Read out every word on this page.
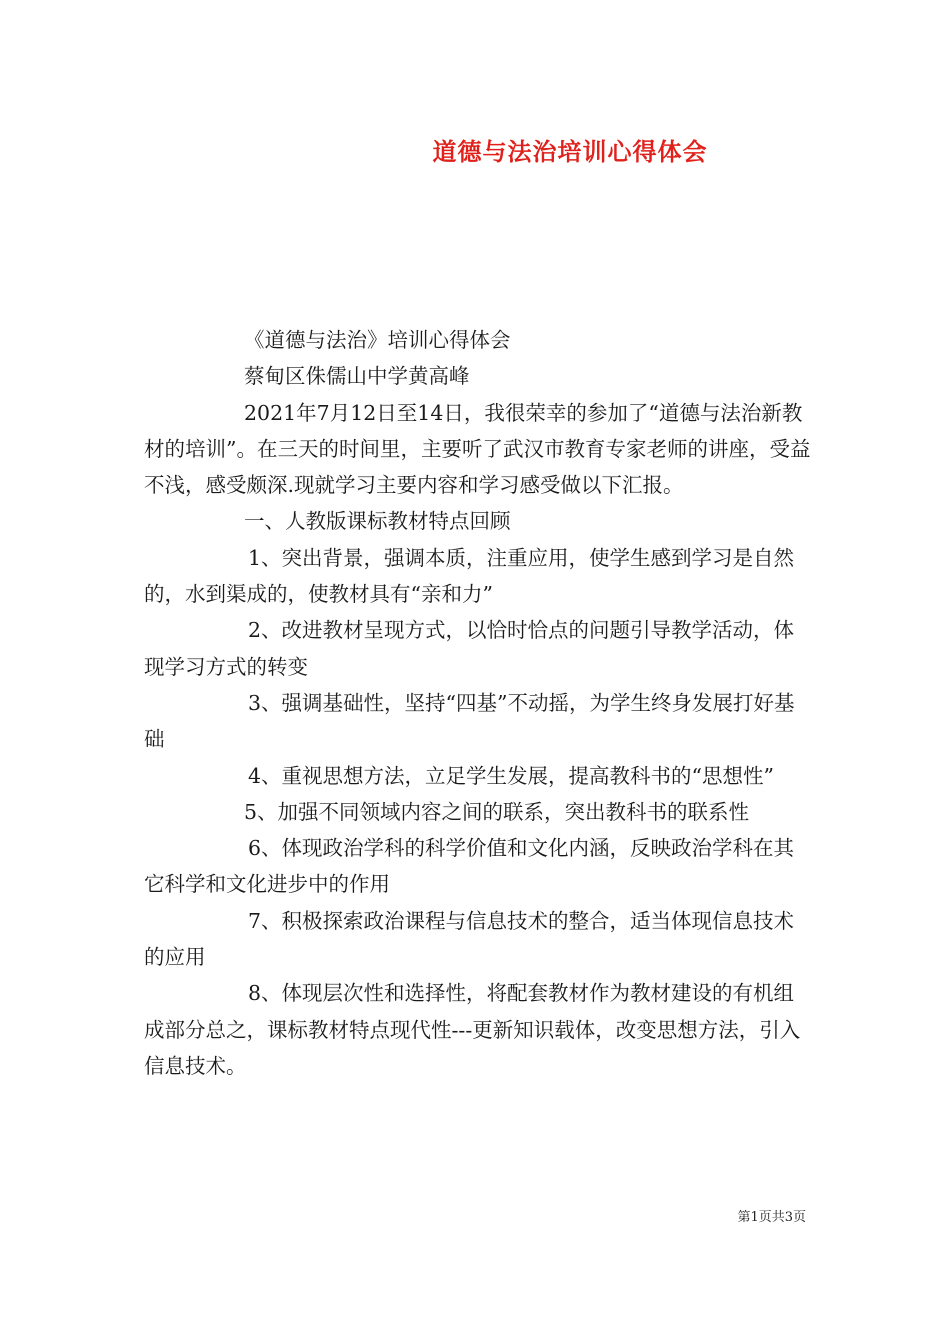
道德与法治培训心得体会

《道德与法治》培训心得体会

蔡甸区侏儒山中学黄高峰

2021年7月12日至14日，我很荣幸的参加了“道德与法治新教材的培训”。在三天的时间里，主要听了武汉市教育专家老师的讲座，受益不浅，感受颇深.现就学习主要内容和学习感受做以下汇报。

一、人教版课标教材特点回顾

1、突出背景，强调本质，注重应用，使学生感到学习是自然的，水到渠成的，使教材具有“亲和力”

2、改进教材呈现方式，以恰时恰点的问题引导教学活动，体现学习方式的转变

3、强调基础性，坚持“四基”不动摇，为学生终身发展打好基础

4、重视思想方法，立足学生发展，提高教科书的“思想性”

5、加强不同领域内容之间的联系，突出教科书的联系性

6、体现政治学科的科学价值和文化内涵，反映政治学科在其它科学和文化进步中的作用

7、积极探索政治课程与信息技术的整合，适当体现信息技术的应用

8、体现层次性和选择性，将配套教材作为教材建设的有机组成部分总之，课标教材特点现代性---更新知识载体，改变思想方法，引入信息技术。

第1页共3页
